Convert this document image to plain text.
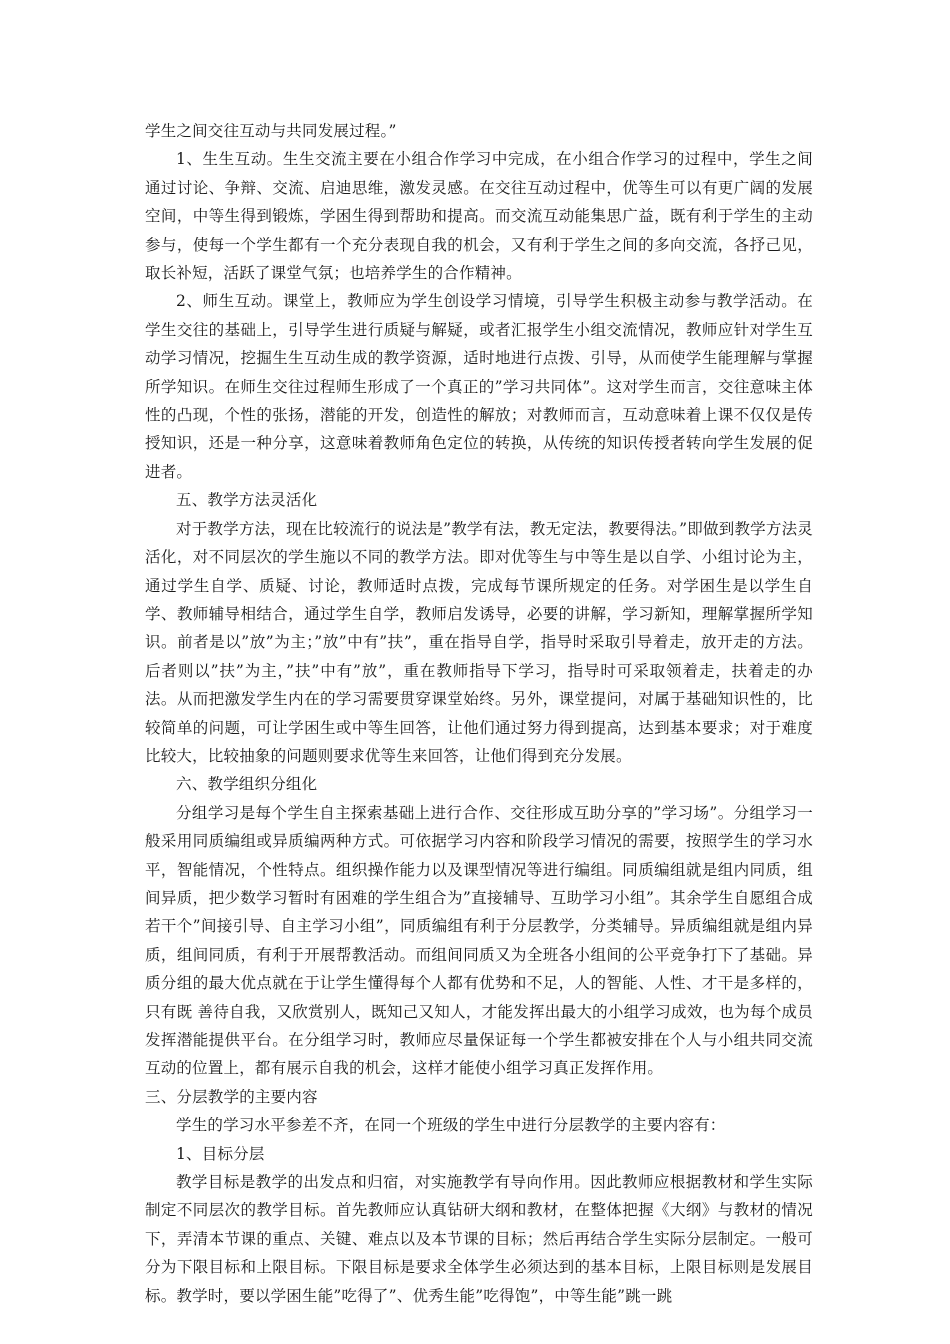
学生之间交往互动与共同发展过程。”

1、生生互动。生生交流主要在小组合作学习中完成，在小组合作学习的过程中，学生之间通过讨论、争辩、交流、启迪思维，激发灵感。在交往互动过程中，优等生可以有更广阔的发展空间，中等生得到锻炼，学困生得到帮助和提高。而交流互动能集思广益，既有利于学生的主动参与，使每一个学生都有一个充分表现自我的机会，又有利于学生之间的多向交流，各抒己见，取长补短，活跃了课堂气氛；也培养学生的合作精神。

2、师生互动。课堂上，教师应为学生创设学习情境，引导学生积极主动参与教学活动。在学生交往的基础上，引导学生进行质疑与解疑，或者汇报学生小组交流情况，教师应针对学生互动学习情况，挖掘生生互动生成的教学资源，适时地进行点拨、引导，从而使学生能理解与掌握所学知识。在师生交往过程师生形成了一个真正的”学习共同体”。这对学生而言，交往意味主体性的凸现，个性的张扬，潜能的开发，创造性的解放；对教师而言，互动意味着上课不仅仅是传授知识，还是一种分享，这意味着教师角色定位的转换，从传统的知识传授者转向学生发展的促进者。

五、教学方法灵活化

对于教学方法，现在比较流行的说法是”教学有法，教无定法，教要得法。”即做到教学方法灵活化，对不同层次的学生施以不同的教学方法。即对优等生与中等生是以自学、小组讨论为主，通过学生自学、质疑、讨论，教师适时点拨，完成每节课所规定的任务。对学困生是以学生自学、教师辅导相结合，通过学生自学，教师启发诱导，必要的讲解，学习新知，理解掌握所学知识。前者是以”放”为主；”放”中有”扶”，重在指导自学，指导时采取引导着走，放开走的方法。后者则以”扶”为主，”扶”中有”放”，重在教师指导下学习，指导时可采取领着走，扶着走的办法。从而把激发学生内在的学习需要贯穿课堂始终。另外，课堂提问，对属于基础知识性的，比较简单的问题，可让学困生或中等生回答，让他们通过努力得到提高，达到基本要求；对于难度比较大，比较抽象的问题则要求优等生来回答，让他们得到充分发展。

六、教学组织分组化

分组学习是每个学生自主探索基础上进行合作、交往形成互助分享的”学习场”。分组学习一般采用同质编组或异质编两种方式。可依据学习内容和阶段学习情况的需要，按照学生的学习水平，智能情况，个性特点。组织操作能力以及课型情况等进行编组。同质编组就是组内同质，组间异质，把少数学习暂时有困难的学生组合为”直接辅导、互助学习小组”。其余学生自愿组合成若干个”间接引导、自主学习小组”，同质编组有利于分层教学，分类辅导。异质编组就是组内异质，组间同质，有利于开展帮教活动。而组间同质又为全班各小组间的公平竞争打下了基础。异质分组的最大优点就在于让学生懂得每个人都有优势和不足，人的智能、人性、才干是多样的，只有既 善待自我，又欣赏别人，既知己又知人，才能发挥出最大的小组学习成效，也为每个成员发挥潜能提供平台。在分组学习时，教师应尽量保证每一个学生都被安排在个人与小组共同交流互动的位置上，都有展示自我的机会，这样才能使小组学习真正发挥作用。

三、分层教学的主要内容

学生的学习水平参差不齐，在同一个班级的学生中进行分层教学的主要内容有：

1、目标分层

教学目标是教学的出发点和归宿，对实施教学有导向作用。因此教师应根据教材和学生实际制定不同层次的教学目标。首先教师应认真钻研大纲和教材，在整体把握《大纲》与教材的情况下，弄清本节课的重点、关键、难点以及本节课的目标；然后再结合学生实际分层制定。一般可分为下限目标和上限目标。下限目标是要求全体学生必须达到的基本目标，上限目标则是发展目标。教学时，要以学困生能”吃得了”、优秀生能”吃得饱”，中等生能”跳一跳
